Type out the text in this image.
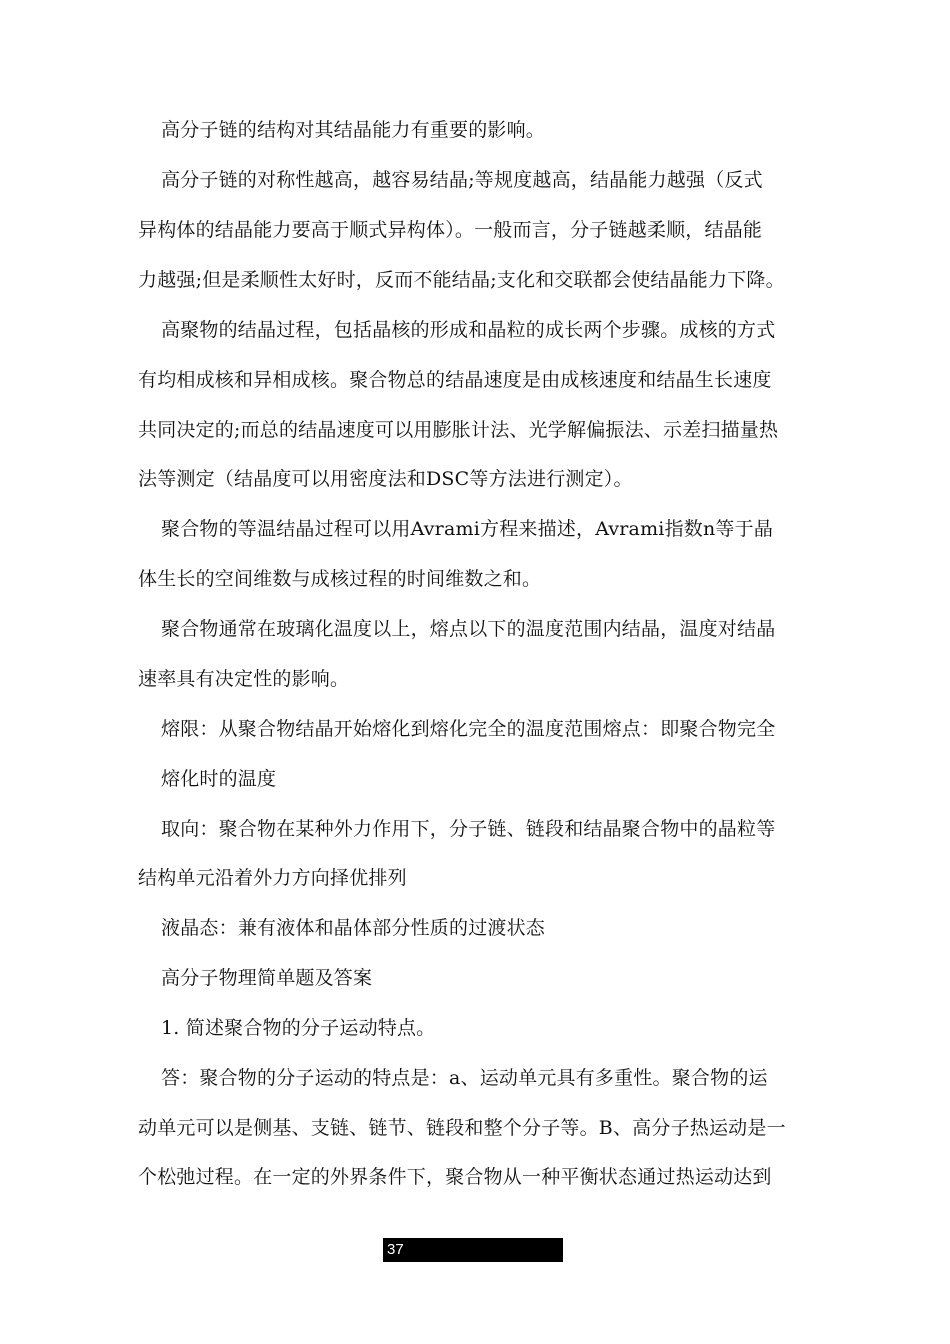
高分子链的结构对其结晶能力有重要的影响。
高分子链的对称性越高，越容易结晶;等规度越高，结晶能力越强（反式
异构体的结晶能力要高于顺式异构体）。一般而言，分子链越柔顺，结晶能
力越强;但是柔顺性太好时，反而不能结晶;支化和交联都会使结晶能力下降。
高聚物的结晶过程，包括晶核的形成和晶粒的成长两个步骤。成核的方式
有均相成核和异相成核。聚合物总的结晶速度是由成核速度和结晶生长速度
共同决定的;而总的结晶速度可以用膨胀计法、光学解偏振法、示差扫描量热
法等测定（结晶度可以用密度法和DSC等方法进行测定）。
聚合物的等温结晶过程可以用Avrami方程来描述，Avrami指数n等于晶
体生长的空间维数与成核过程的时间维数之和。
聚合物通常在玻璃化温度以上，熔点以下的温度范围内结晶，温度对结晶
速率具有决定性的影响。
熔限：从聚合物结晶开始熔化到熔化完全的温度范围熔点：即聚合物完全
熔化时的温度
取向：聚合物在某种外力作用下，分子链、链段和结晶聚合物中的晶粒等
结构单元沿着外力方向择优排列
液晶态：兼有液体和晶体部分性质的过渡状态
高分子物理简单题及答案
1. 简述聚合物的分子运动特点。
答：聚合物的分子运动的特点是：a、运动单元具有多重性。聚合物的运
动单元可以是侧基、支链、链节、链段和整个分子等。B、高分子热运动是一
个松弛过程。在一定的外界条件下，聚合物从一种平衡状态通过热运动达到
37
